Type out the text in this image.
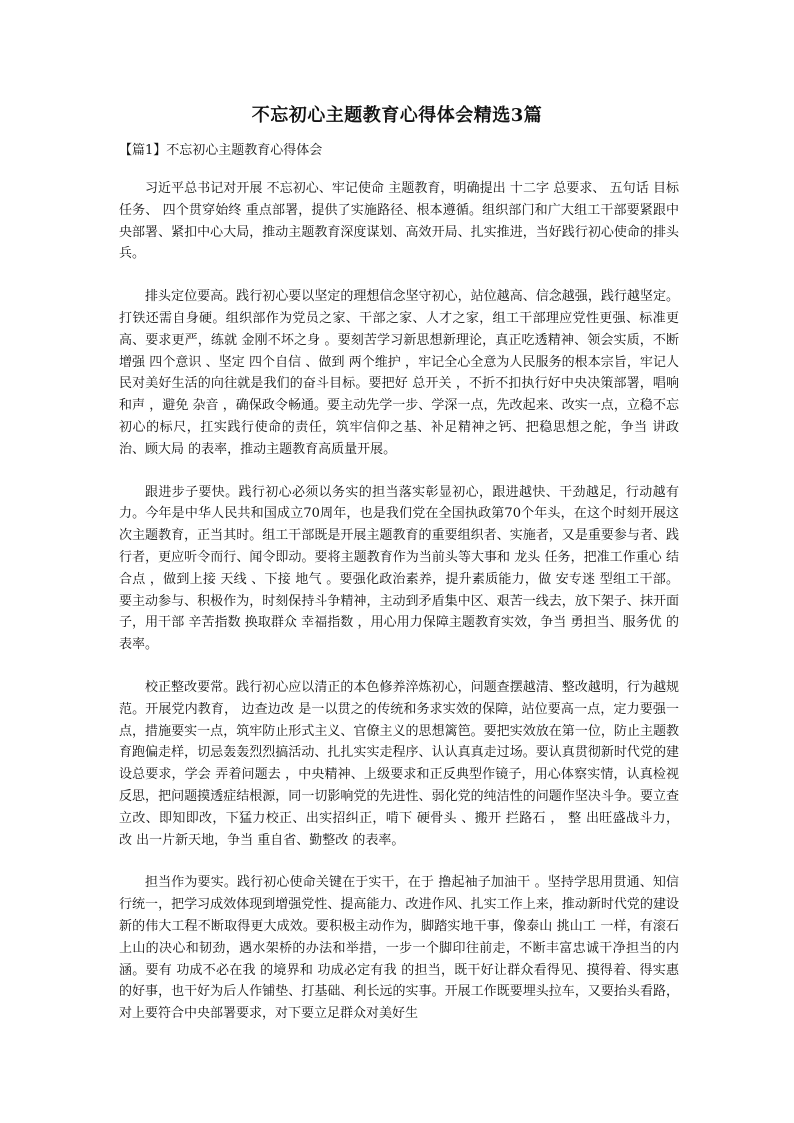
不忘初心主题教育心得体会精选3篇
【篇1】不忘初心主题教育心得体会

习近平总书记对开展 不忘初心、牢记使命 主题教育，明确提出 十二字 总要求、 五句话 目标任务、 四个贯穿始终 重点部署，提供了实施路径、根本遵循。组织部门和广大组工干部要紧跟中央部署、紧扣中心大局，推动主题教育深度谋划、高效开局、扎实推进，当好践行初心使命的排头兵。

排头定位要高。践行初心要以坚定的理想信念坚守初心，站位越高、信念越强，践行越坚定。打铁还需自身硬。组织部作为党员之家、干部之家、人才之家，组工干部理应党性更强、标准更高、要求更严，练就 金刚不坏之身 。要刻苦学习新思想新理论，真正吃透精神、领会实质，不断增强 四个意识 、坚定 四个自信 、做到 两个维护 ，牢记全心全意为人民服务的根本宗旨，牢记人民对美好生活的向往就是我们的奋斗目标。要把好 总开关 ，不折不扣执行好中央决策部署，唱响 和声 ，避免 杂音 ，确保政令畅通。要主动先学一步、学深一点，先改起来、改实一点，立稳不忘初心的标尺，扛实践行使命的责任，筑牢信仰之基、补足精神之钙、把稳思想之舵，争当 讲政治、顾大局 的表率，推动主题教育高质量开展。

跟进步子要快。践行初心必须以务实的担当落实彰显初心，跟进越快、干劲越足，行动越有力。今年是中华人民共和国成立70周年，也是我们党在全国执政第70个年头，在这个时刻开展这次主题教育，正当其时。组工干部既是开展主题教育的重要组织者、实施者，又是重要参与者、践行者，更应听令而行、闻令即动。要将主题教育作为当前头等大事和 龙头 任务，把准工作重心 结合点 ，做到上接 天线 、下接 地气 。要强化政治素养，提升素质能力，做 安专迷 型组工干部。要主动参与、积极作为，时刻保持斗争精神，主动到矛盾集中区、艰苦一线去，放下架子、抹开面子，用干部 辛苦指数 换取群众 幸福指数 ，用心用力保障主题教育实效，争当 勇担当、服务优 的表率。

校正整改要常。践行初心应以清正的本色修养淬炼初心，问题查摆越清、整改越明，行为越规范。开展党内教育， 边查边改 是一以贯之的传统和务求实效的保障，站位要高一点，定力要强一点，措施要实一点，筑牢防止形式主义、官僚主义的思想篱笆。要把实效放在第一位，防止主题教育跑偏走样，切忌轰轰烈烈搞活动、扎扎实实走程序、认认真真走过场。要认真贯彻新时代党的建设总要求，学会 弄着问题去 ，中央精神、上级要求和正反典型作镜子，用心体察实情，认真检视反思，把问题摸透症结根源，同一切影响党的先进性、弱化党的纯洁性的问题作坚决斗争。要立查立改、即知即改，下猛力校正、出实招纠正，啃下 硬骨头 、搬开 拦路石 ， 整 出旺盛战斗力， 改 出一片新天地，争当 重自省、勤整改 的表率。

担当作为要实。践行初心使命关键在于实干，在于 撸起袖子加油干 。坚持学思用贯通、知信行统一，把学习成效体现到增强党性、提高能力、改进作风、扎实工作上来，推动新时代党的建设新的伟大工程不断取得更大成效。要积极主动作为，脚踏实地干事，像泰山 挑山工 一样，有滚石上山的决心和韧劲，遇水架桥的办法和举措，一步一个脚印往前走，不断丰富忠诚干净担当的内涵。要有 功成不必在我 的境界和 功成必定有我 的担当，既干好让群众看得见、摸得着、得实惠的好事，也干好为后人作铺垫、打基础、利长远的实事。开展工作既要埋头拉车，又要抬头看路，对上要符合中央部署要求，对下要立足群众对美好生
